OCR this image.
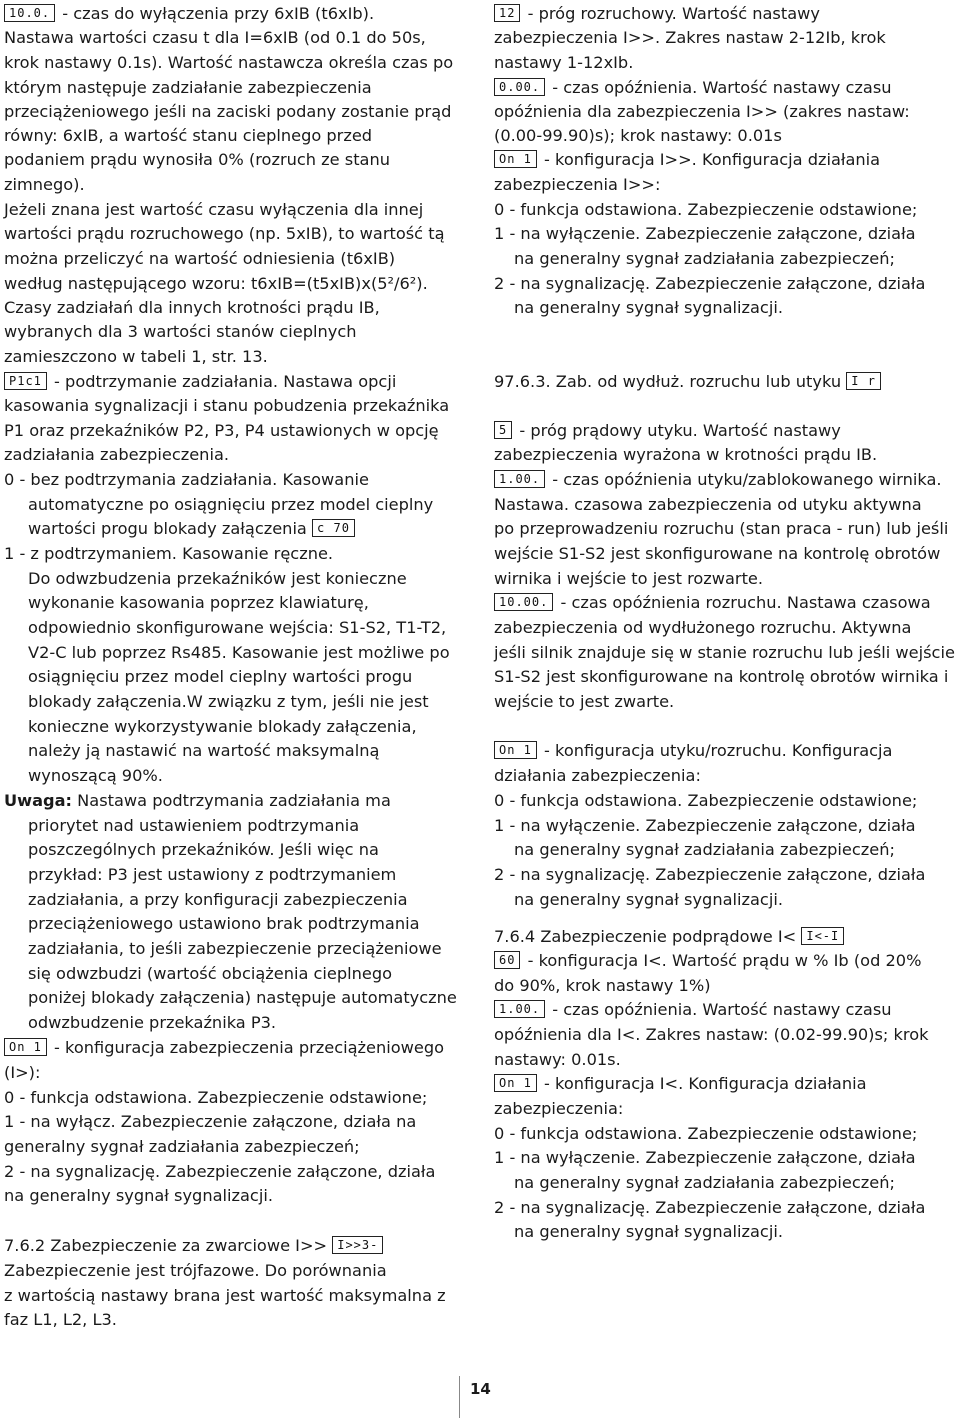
10.0. - czas do wyłączenia przy 6xIB (t6xIb).
Nastawa wartości czasu t dla I=6xIB (od 0.1 do 50s,
krok nastawy 0.1s). Wartość nastawcza określa czas po
którym następuje zadziałanie zabezpieczenia
przeciążeniowego jeśli na zaciski podany zostanie prąd
równy: 6xIB, a wartość stanu cieplnego przed
podaniem prądu wynosiła 0% (rozruch ze stanu
zimnego).
Jeżeli znana jest wartość czasu wyłączenia dla innej
wartości prądu rozruchowego (np. 5xIB), to wartość tą
można przeliczyć na wartość odniesienia (t6xIB)
według następującego wzoru: t6xIB=(t5xIB)x(5²/6²).
Czasy zadziałań dla innych krotności prądu IB,
wybranych dla 3 wartości stanów cieplnych
zamieszczono w tabeli 1, str. 13.
P1c1 - podtrzymanie zadziałania. Nastawa opcji
kasowania sygnalizacji i stanu pobudzenia przekaźnika
P1 oraz przekaźników P2, P3, P4 ustawionych w opcję
zadziałania zabezpieczenia.
0 - bez podtrzymania zadziałania. Kasowanie
automatyczne po osiągnięciu przez model cieplny
wartości progu blokady załączenia c 70
1 - z podtrzymaniem. Kasowanie ręczne.
Do odwzbudzenia przekaźników jest konieczne
wykonanie kasowania poprzez klawiaturę,
odpowiednio skonfigurowane wejścia: S1-S2, T1-T2,
V2-C lub poprzez Rs485. Kasowanie jest możliwe po
osiągnięciu przez model cieplny wartości progu
blokady załączenia.W związku z tym, jeśli nie jest
konieczne wykorzystywanie blokady załączenia,
należy ją nastawić na wartość maksymalną
wynoszącą 90%.
Uwaga: Nastawa podtrzymania zadziałania ma
priorytet nad ustawieniem podtrzymania
poszczególnych przekaźników. Jeśli więc na
przykład: P3 jest ustawiony z podtrzymaniem
zadziałania, a przy konfiguracji zabezpieczenia
przeciążeniowego ustawiono brak podtrzymania
zadziałania, to jeśli zabezpieczenie przeciążeniowe
się odwzbudzi (wartość obciążenia cieplnego
poniżej blokady załączenia) następuje automatyczne
odwzbudzenie przekaźnika P3.
On 1 - konfiguracja zabezpieczenia przeciążeniowego
(I>):
0 - funkcja odstawiona. Zabezpieczenie odstawione;
1 - na wyłącz. Zabezpieczenie załączone, działa na
generalny sygnał zadziałania zabezpieczeń;
2 - na sygnalizację. Zabezpieczenie załączone, działa
na generalny sygnał sygnalizacji.
7.6.2 Zabezpieczenie za zwarciowe I>> I>>3-
Zabezpieczenie jest trójfazowe. Do porównania
z wartością nastawy brana jest wartość maksymalna z
faz L1, L2, L3.
12 - próg rozruchowy. Wartość nastawy
zabezpieczenia I>>. Zakres nastaw 2-12Ib, krok
nastawy 1-12xIb.
0.00. - czas opóźnienia. Wartość nastawy czasu
opóźnienia dla zabezpieczenia I>> (zakres nastaw:
(0.00-99.90)s); krok nastawy: 0.01s
On 1 - konfiguracja I>>. Konfiguracja działania
zabezpieczenia I>>:
0 - funkcja odstawiona. Zabezpieczenie odstawione;
1 - na wyłączenie. Zabezpieczenie załączone, działa
na generalny sygnał zadziałania zabezpieczeń;
2 - na sygnalizację. Zabezpieczenie załączone, działa
na generalny sygnał sygnalizacji.
97.6.3. Zab. od wydłuż. rozruchu lub utyku I r
5 - próg prądowy utyku. Wartość nastawy
zabezpieczenia wyrażona w krotności prądu IB.
1.00. - czas opóźnienia utyku/zablokowanego wirnika.
Nastawa. czasowa zabezpieczenia od utyku aktywna
po przeprowadzeniu rozruchu (stan praca - run) lub jeśli
wejście S1-S2 jest skonfigurowane na kontrolę obrotów
wirnika i wejście to jest rozwarte.
10.00. - czas opóźnienia rozruchu. Nastawa czasowa
zabezpieczenia od wydłużonego rozruchu. Aktywna
jeśli silnik znajduje się w stanie rozruchu lub jeśli wejście
S1-S2 jest skonfigurowane na kontrolę obrotów wirnika i
wejście to jest zwarte.
On 1 - konfiguracja utyku/rozruchu. Konfiguracja
działania zabezpieczenia:
0 - funkcja odstawiona. Zabezpieczenie odstawione;
1 - na wyłączenie. Zabezpieczenie załączone, działa
na generalny sygnał zadziałania zabezpieczeń;
2 - na sygnalizację. Zabezpieczenie załączone, działa
na generalny sygnał sygnalizacji.
7.6.4 Zabezpieczenie podprądowe I< I<-I
60 - konfiguracja I<. Wartość prądu w % Ib (od 20%
do 90%, krok nastawy 1%)
1.00. - czas opóźnienia. Wartość nastawy czasu
opóźnienia dla I<. Zakres nastaw: (0.02-99.90)s; krok
nastawy: 0.01s.
On 1 - konfiguracja I<. Konfiguracja działania
zabezpieczenia:
0 - funkcja odstawiona. Zabezpieczenie odstawione;
1 - na wyłączenie. Zabezpieczenie załączone, działa
na generalny sygnał zadziałania zabezpieczeń;
2 - na sygnalizację. Zabezpieczenie załączone, działa
na generalny sygnał sygnalizacji.
14
